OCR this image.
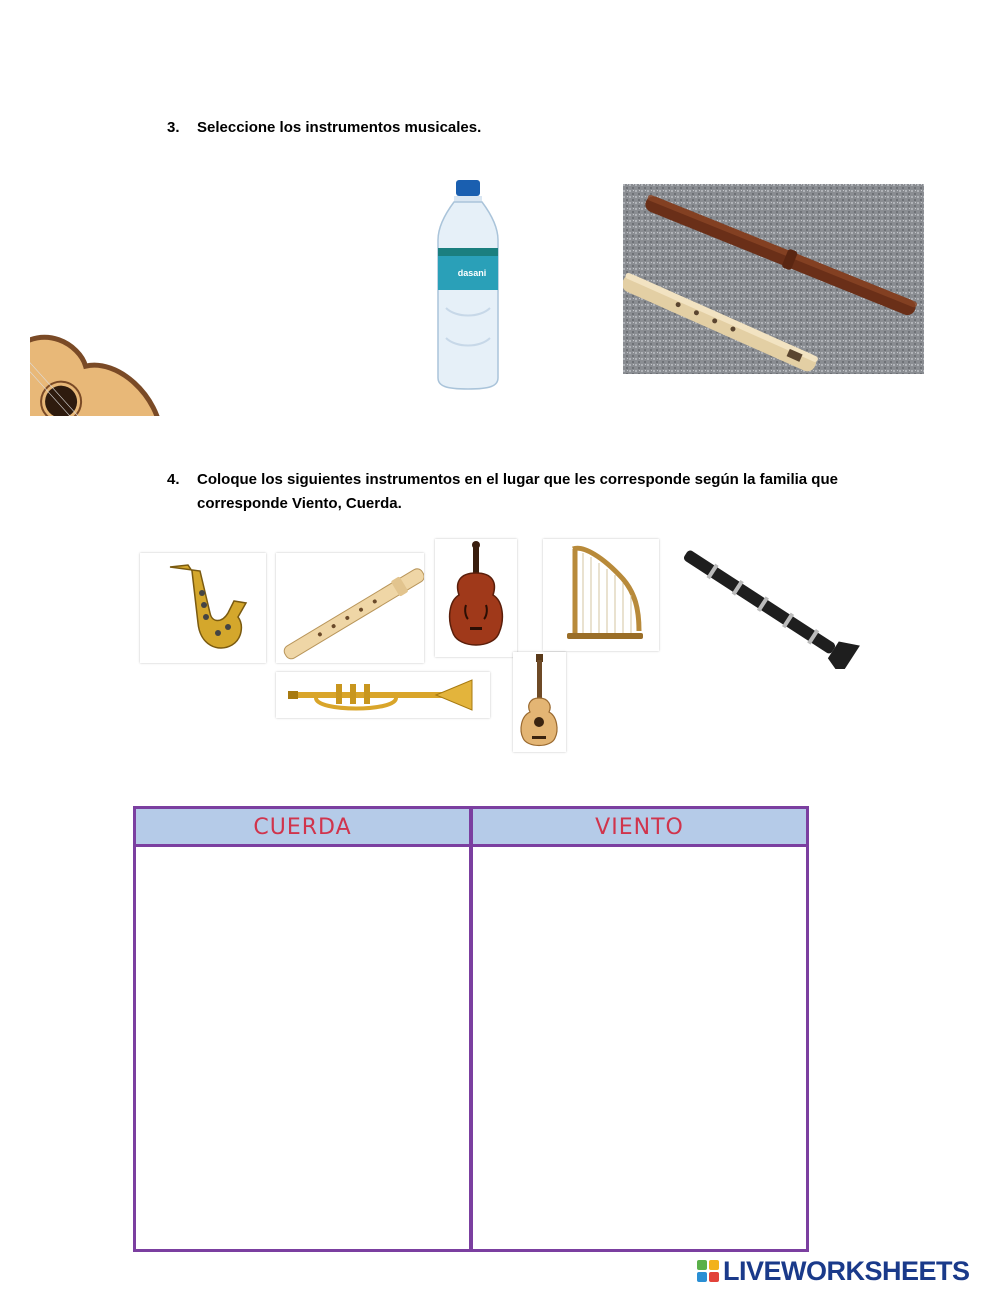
3. Seleccione los instrumentos musicales.
dasani
4. Coloque los siguientes instrumentos en el lugar que les corresponde según la familia que corresponde Viento, Cuerda.
CUERDA	VIENTO
LIVEWORKSHEETS
